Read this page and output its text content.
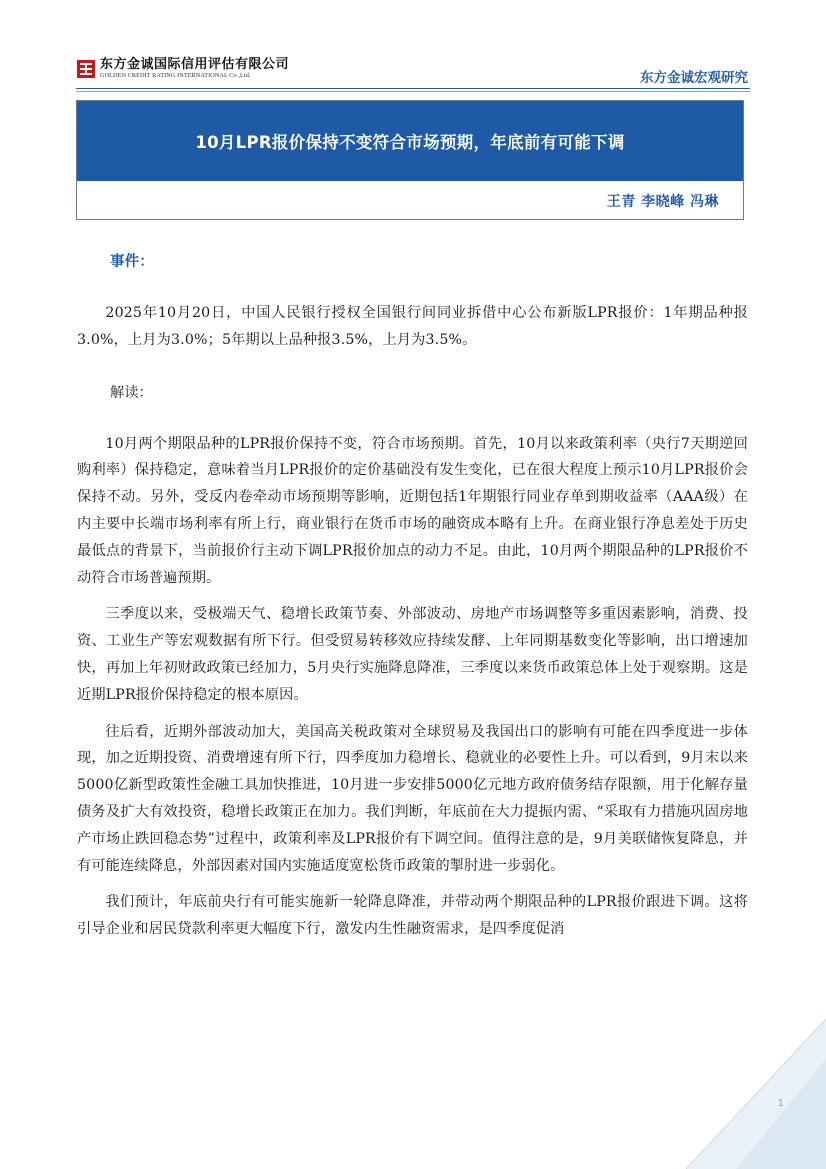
东方金诚国际信用评估有限公司
GOLDEN CREDIT RATING INTERNATIONAL Co.,Ltd.	东方金诚宏观研究
10月LPR报价保持不变符合市场预期，年底前有可能下调
王青 李晓峰 冯琳
事件：

2025年10月20日，中国人民银行授权全国银行间同业拆借中心公布新版LPR报价：1年期品种报3.0%，上月为3.0%；5年期以上品种报3.5%，上月为3.5%。

解读：

10月两个期限品种的LPR报价保持不变，符合市场预期。首先，10月以来政策利率（央行7天期逆回购利率）保持稳定，意味着当月LPR报价的定价基础没有发生变化，已在很大程度上预示10月LPR报价会保持不动。另外，受反内卷牵动市场预期等影响，近期包括1年期银行同业存单到期收益率（AAA级）在内主要中长端市场利率有所上行，商业银行在货币市场的融资成本略有上升。在商业银行净息差处于历史最低点的背景下，当前报价行主动下调LPR报价加点的动力不足。由此，10月两个期限品种的LPR报价不动符合市场普遍预期。

三季度以来，受极端天气、稳增长政策节奏、外部波动、房地产市场调整等多重因素影响，消费、投资、工业生产等宏观数据有所下行。但受贸易转移效应持续发酵、上年同期基数变化等影响，出口增速加快，再加上年初财政政策已经加力，5月央行实施降息降准，三季度以来货币政策总体上处于观察期。这是近期LPR报价保持稳定的根本原因。

往后看，近期外部波动加大，美国高关税政策对全球贸易及我国出口的影响有可能在四季度进一步体现，加之近期投资、消费增速有所下行，四季度加力稳增长、稳就业的必要性上升。可以看到，9月末以来5000亿新型政策性金融工具加快推进，10月进一步安排5000亿元地方政府债务结存限额，用于化解存量债务及扩大有效投资，稳增长政策正在加力。我们判断，年底前在大力提振内需、“采取有力措施巩固房地产市场止跌回稳态势”过程中，政策利率及LPR报价有下调空间。值得注意的是，9月美联储恢复降息，并有可能连续降息，外部因素对国内实施适度宽松货币政策的掣肘进一步弱化。

我们预计，年底前央行有可能实施新一轮降息降准，并带动两个期限品种的LPR报价跟进下调。这将引导企业和居民贷款利率更大幅度下行，激发内生性融资需求，是四季度促消

1
